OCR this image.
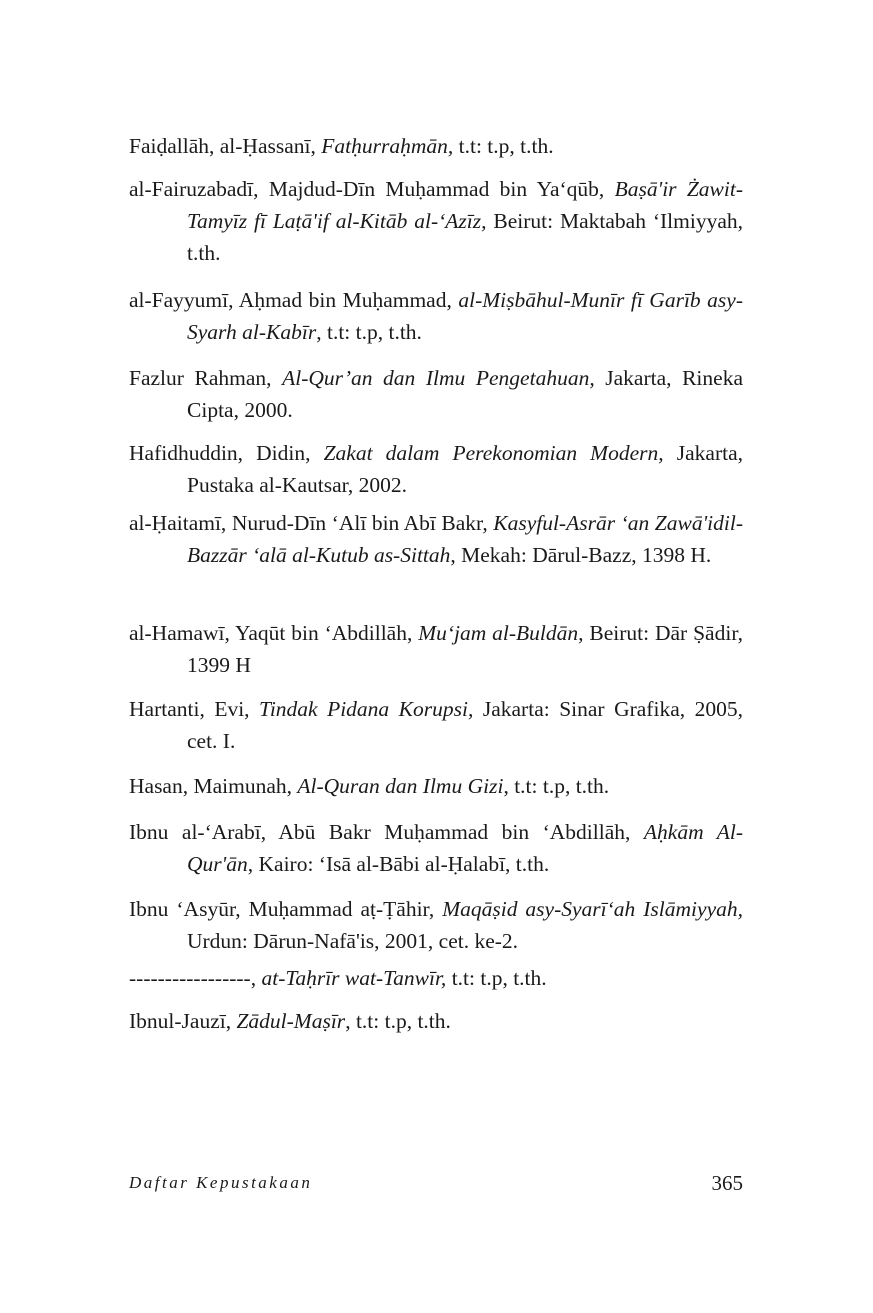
Faiḍallāh, al-Ḥassanī, Fatḥurraḥmān, t.t: t.p, t.th.
al-Fairuzabadī, Majdud-Dīn Muḥammad bin Ya‘qūb, Baṣā'ir Żawit-Tamyīz fī Laṭā'if al-Kitāb al-‘Azīz, Beirut: Maktabah ‘Ilmiyyah, t.th.
al-Fayyumī, Aḥmad bin Muḥammad, al-Miṣbāhul-Munīr fī Garīb asy-Syarh al-Kabīr, t.t: t.p, t.th.
Fazlur Rahman, Al-Qur’an dan Ilmu Pengetahuan, Jakarta, Rineka Cipta, 2000.
Hafidhuddin, Didin, Zakat dalam Perekonomian Modern, Jakarta, Pustaka al-Kautsar, 2002.
al-Ḥaitamī, Nurud-Dīn ‘Alī bin Abī Bakr, Kasyful-Asrār ‘an Zawā'idil-Bazzār ‘alā al-Kutub as-Sittah, Mekah: Dārul-Bazz, 1398 H.
al-Hamawī, Yaqūt bin ‘Abdillāh, Mu‘jam al-Buldān, Beirut: Dār Ṣādir, 1399 H
Hartanti, Evi, Tindak Pidana Korupsi, Jakarta: Sinar Grafika, 2005, cet. I.
Hasan, Maimunah, Al-Quran dan Ilmu Gizi, t.t: t.p, t.th.
Ibnu al-‘Arabī, Abū Bakr Muḥammad bin ‘Abdillāh, Aḥkām Al-Qur'ān, Kairo: ‘Isā al-Bābi al-Ḥalabī, t.th.
Ibnu ‘Asyūr, Muḥammad aṭ-Ṭāhir, Maqāṣid asy-Syarī‘ah Islāmiyyah, Urdun: Dārun-Nafā'is, 2001, cet. ke-2.
-----------------, at-Taḥrīr wat-Tanwīr, t.t: t.p, t.th.
Ibnul-Jauzī, Zādul-Maṣīr, t.t: t.p, t.th.
Daftar Kepustakaan	365
